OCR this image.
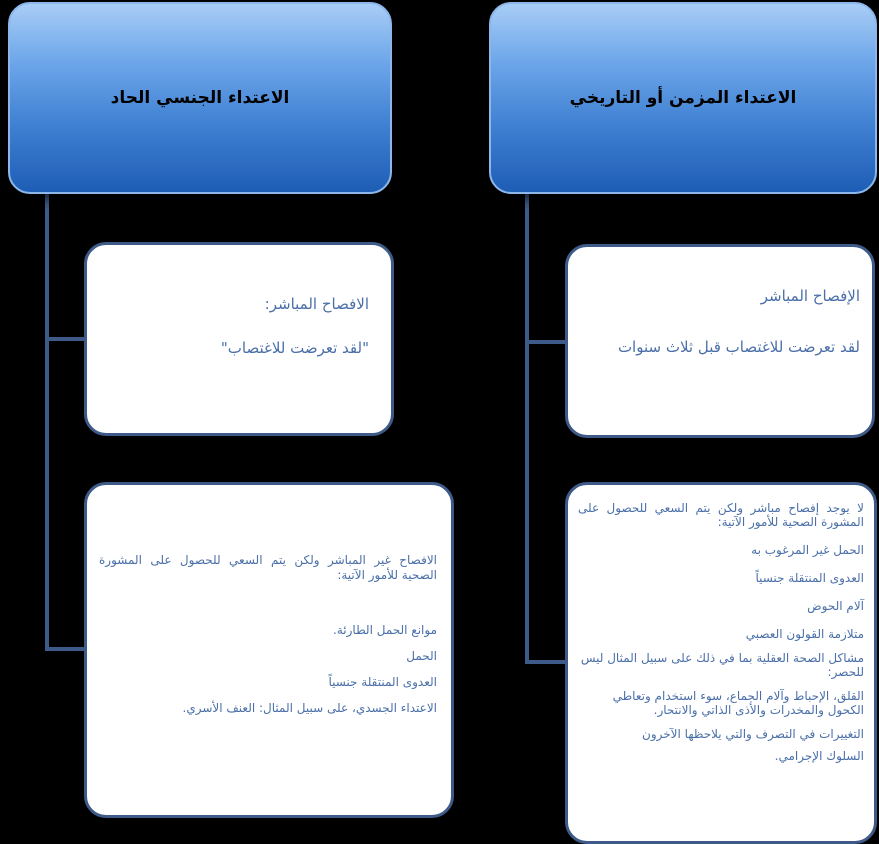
الاعتداء الجنسي الحاد	الاعتداء المزمن أو التاريخي

الافصاح المباشر:

"لقد تعرضت للاغتصاب"

الافصاح غير المباشر ولكن يتم السعي للحصول على المشورة الصحية للأمور الآتية:

موانع الحمل الطارئة.

الحمل

العدوى المنتقلة جنسياً

الاعتداء الجسدي، على سبيل المثال: العنف الأسري.

الإفصاح المباشر

لقد تعرضت للاغتصاب قبل ثلاث سنوات

لا يوجد إفصاح مباشر ولكن يتم السعي للحصول على المشورة الصحية للأمور الآتية:

الحمل غير المرغوب به

العدوى المنتقلة جنسياً

آلام الحوض

متلازمة القولون العصبي

مشاكل الصحة العقلية بما في ذلك على سبيل المثال ليس للحصر:

القلق، الإحباط وآلام الجماع، سوء استخدام وتعاطي الكحول والمخدرات والأذى الذاتي والانتحار.

التغييرات في التصرف والتي يلاحظها الآخرون

السلوك الإجرامي.
